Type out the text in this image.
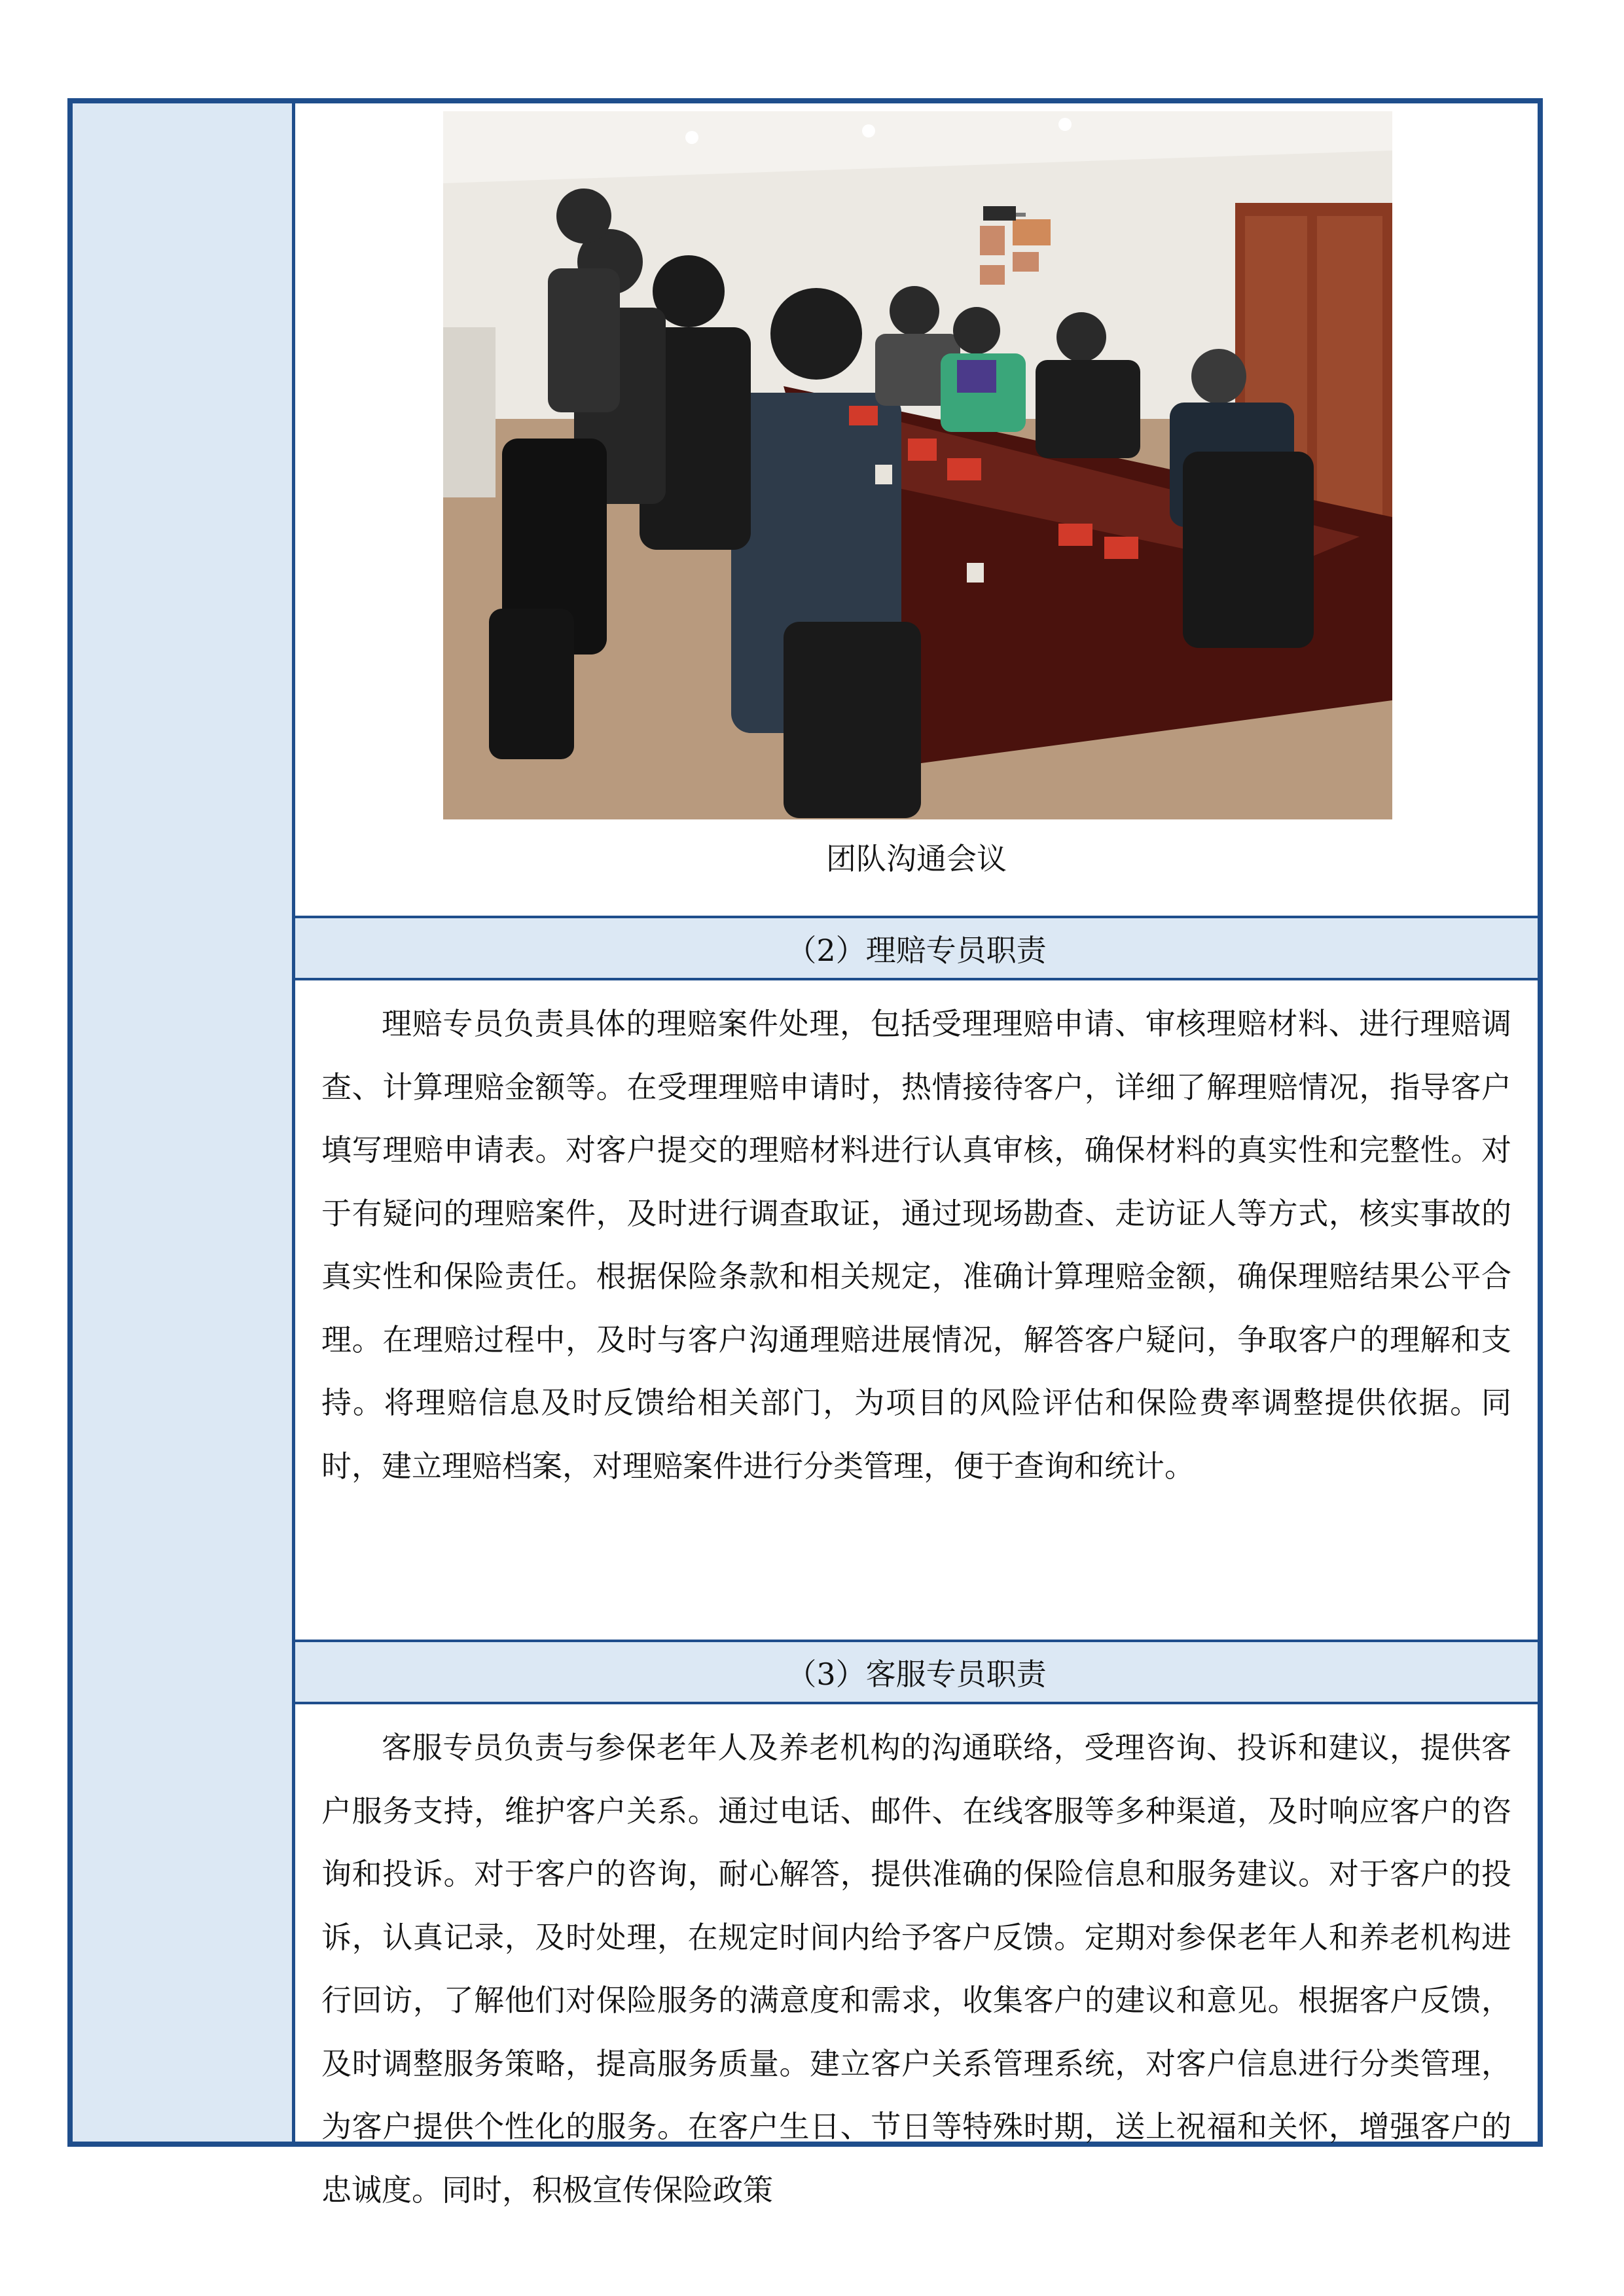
团队沟通会议
（2）理赔专员职责

理赔专员负责具体的理赔案件处理，包括受理理赔申请、审核理赔材料、进行理赔调查、计算理赔金额等。在受理理赔申请时，热情接待客户，详细了解理赔情况，指导客户填写理赔申请表。对客户提交的理赔材料进行认真审核，确保材料的真实性和完整性。对于有疑问的理赔案件，及时进行调查取证，通过现场勘查、走访证人等方式，核实事故的真实性和保险责任。根据保险条款和相关规定，准确计算理赔金额，确保理赔结果公平合理。在理赔过程中，及时与客户沟通理赔进展情况，解答客户疑问，争取客户的理解和支持。将理赔信息及时反馈给相关部门，为项目的风险评估和保险费率调整提供依据。同时，建立理赔档案，对理赔案件进行分类管理，便于查询和统计。

（3）客服专员职责

客服专员负责与参保老年人及养老机构的沟通联络，受理咨询、投诉和建议，提供客户服务支持，维护客户关系。通过电话、邮件、在线客服等多种渠道，及时响应客户的咨询和投诉。对于客户的咨询，耐心解答，提供准确的保险信息和服务建议。对于客户的投诉，认真记录，及时处理，在规定时间内给予客户反馈。定期对参保老年人和养老机构进行回访，了解他们对保险服务的满意度和需求，收集客户的建议和意见。根据客户反馈，及时调整服务策略，提高服务质量。建立客户关系管理系统，对客户信息进行分类管理，为客户提供个性化的服务。在客户生日、节日等特殊时期，送上祝福和关怀，增强客户的忠诚度。同时，积极宣传保险政策
